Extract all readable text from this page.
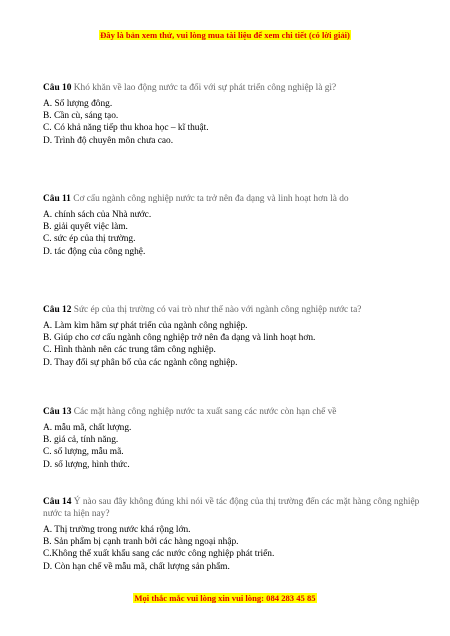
Đây là bản xem thử, vui lòng mua tài liệu để xem chi tiết (có lời giải)

Câu 10 Khó khăn về lao động nước ta đối với sự phát triển công nghiệp là gì?

A. Số lượng đông.

B. Cần cù, sáng tạo.

C. Có khả năng tiếp thu khoa học – kĩ thuật.

D. Trình độ chuyên môn chưa cao.

Câu 11 Cơ cấu ngành công nghiệp nước ta trở nên đa dạng và linh hoạt hơn là do

A. chính sách của Nhà nước.

B. giải quyết việc làm.

C. sức ép của thị trường.

D. tác động của công nghệ.

Câu 12 Sức ép của thị trường có vai trò như thế nào với ngành công nghiệp nước ta?

A. Làm kìm hãm sự phát triển của ngành công nghiệp.

B. Giúp cho cơ cấu ngành công nghiệp trở nên đa dạng và linh hoạt hơn.

C. Hình thành nên các trung tâm công nghiệp.

D. Thay đổi sự phân bố của các ngành công nghiệp.

Câu 13 Các mặt hàng công nghiệp nước ta xuất sang các nước còn hạn chế về

A. mẫu mã, chất lượng.

B. giá cả, tính năng.

C. số lượng, mẫu mã.

D. số lượng, hình thức.

Câu 14 Ý nào sau đây không đúng khi nói về tác động của thị trường đến các mặt hàng công nghiệp nước ta hiện nay?

A. Thị trường trong nước khá rộng lớn.

B. Sản phẩm bị cạnh tranh bởi các hàng ngoại nhập.

C.Không thể xuất khẩu sang các nước công nghiệp phát triển.

D. Còn hạn chế về mẫu mã, chất lượng sản phẩm.

Mọi thắc mắc vui lòng xin vui lòng: 084 283 45 85
